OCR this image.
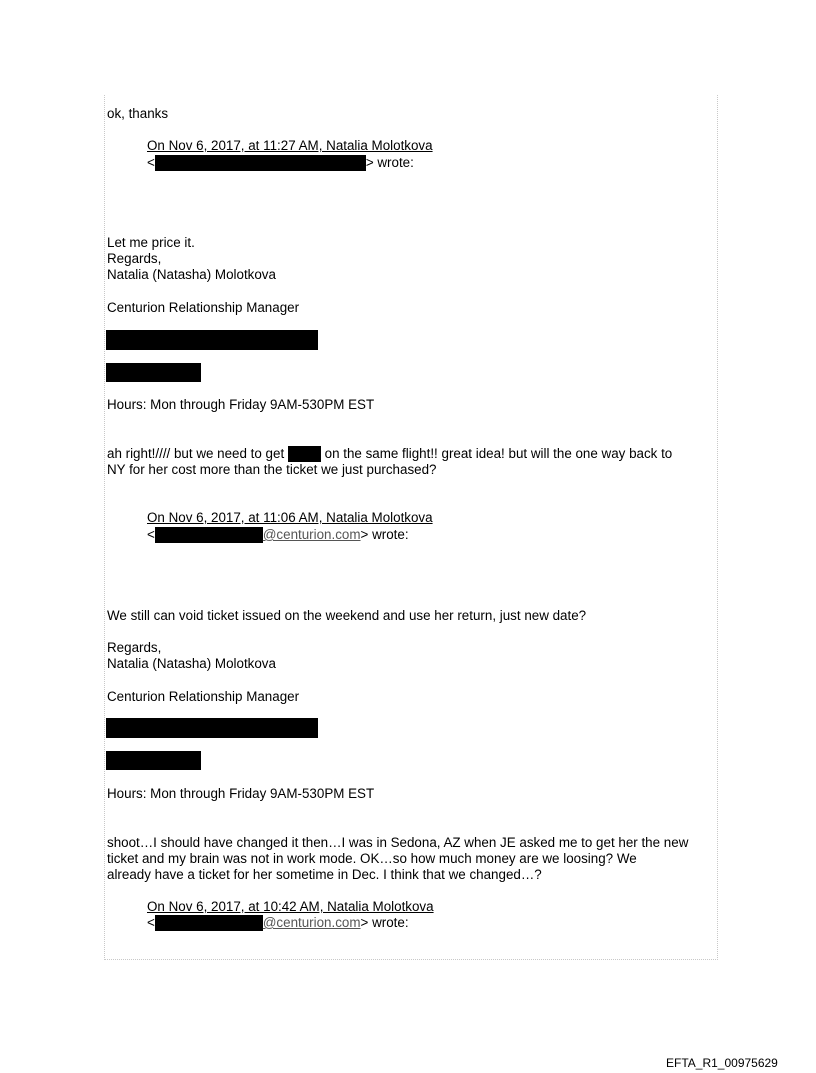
ok, thanks
On Nov 6, 2017, at 11:27 AM, Natalia Molotkova
<	> wrote:
Let me price it.
Regards,
Natalia (Natasha) Molotkova
Centurion Relationship Manager
Hours: Mon through Friday 9AM-530PM EST
ah right!//// but we need to get	on the same flight!! great idea! but will the one way back to
NY for her cost more than the ticket we just purchased?
On Nov 6, 2017, at 11:06 AM, Natalia Molotkova
<	@centurion.com> wrote:
We still can void ticket issued on the weekend and use her return, just new date?
Regards,
Natalia (Natasha) Molotkova
Centurion Relationship Manager
Hours: Mon through Friday 9AM-530PM EST
shoot…I should have changed it then…I was in Sedona, AZ when JE asked me to get her the new
ticket and my brain was not in work mode. OK…so how much money are we loosing? We
already have a ticket for her sometime in Dec. I think that we changed…?
On Nov 6, 2017, at 10:42 AM, Natalia Molotkova
<	@centurion.com> wrote:
EFTA_R1_00975629
